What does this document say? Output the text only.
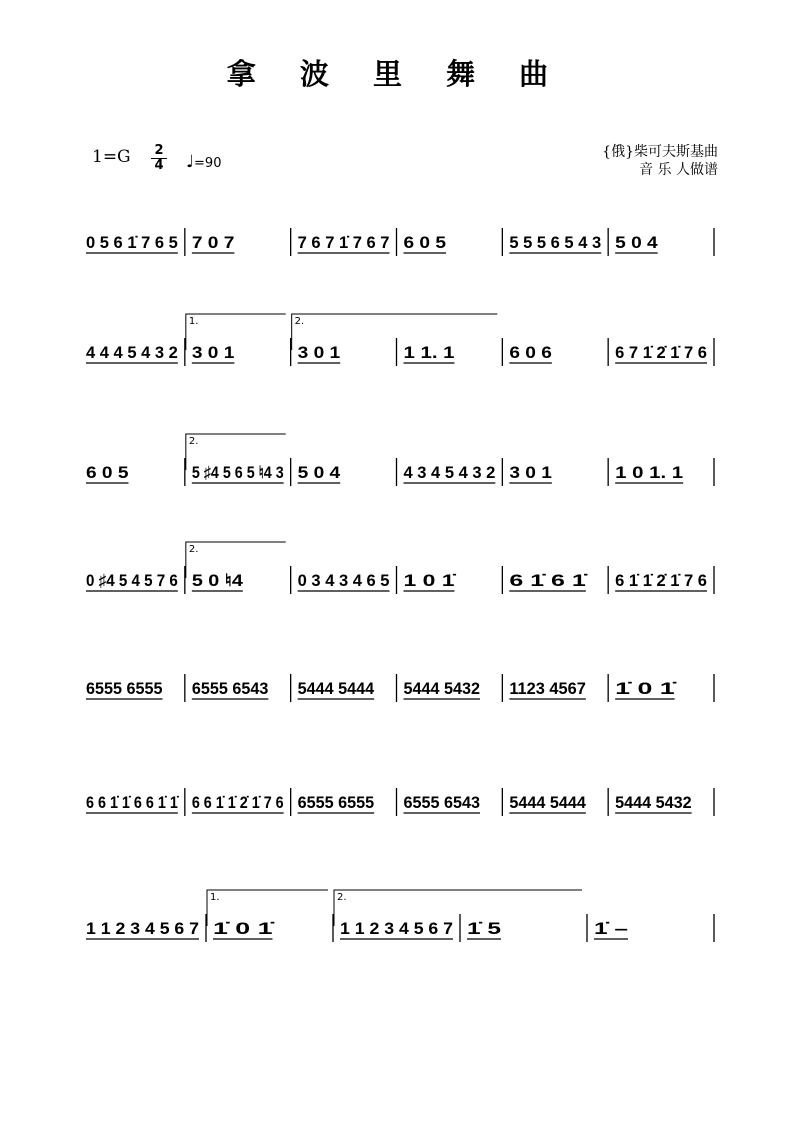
拿 波 里 舞 曲
1=G 2
4 ♩=90
{俄}柴可夫斯基曲
音 乐 人做谱
0 5 6 1̇ 7 6 5 7 0 7	7 6 7 1̇ 7 6 7 6 0 5	5 5 5 6 5 4 3 5 0 4
1.	2.
4 4 4 5 4 3 2 3 0 1	3 0 1	1 1. 1	6 0 6	6 7 1̇ 2̇ 1̇ 7 6
2.
6 0 5	5 ♯4 5 6 5 ♮4 3 5 0 4	4 3 4 5 4 3 2 3 0 1	1 0 1. 1
2.
0 ♯4 5 4 5 7 6 5 0 ♮4	0 3 4 3 4 6 5 1 0 1̇	6 1̇ 6 1̇ 6 1̇ 1̇ 2̇ 1̇ 7 6
6555 6555 6555 6543 5444 5444 5444 5432 1123 4567 1̇ 0 1̇
6 6 1̇ 1̇ 6 6 1̇ 1̇ 6 6 1̇ 1̇ 2̇ 1̇ 7 6 6555 6555 6555 6543 5444 5444 5444 5432
1.	2.
1 1 2 3 4 5 6 7 1̇ 0 1̇	1 1 2 3 4 5 6 7 1̇ 5	1̇ –
